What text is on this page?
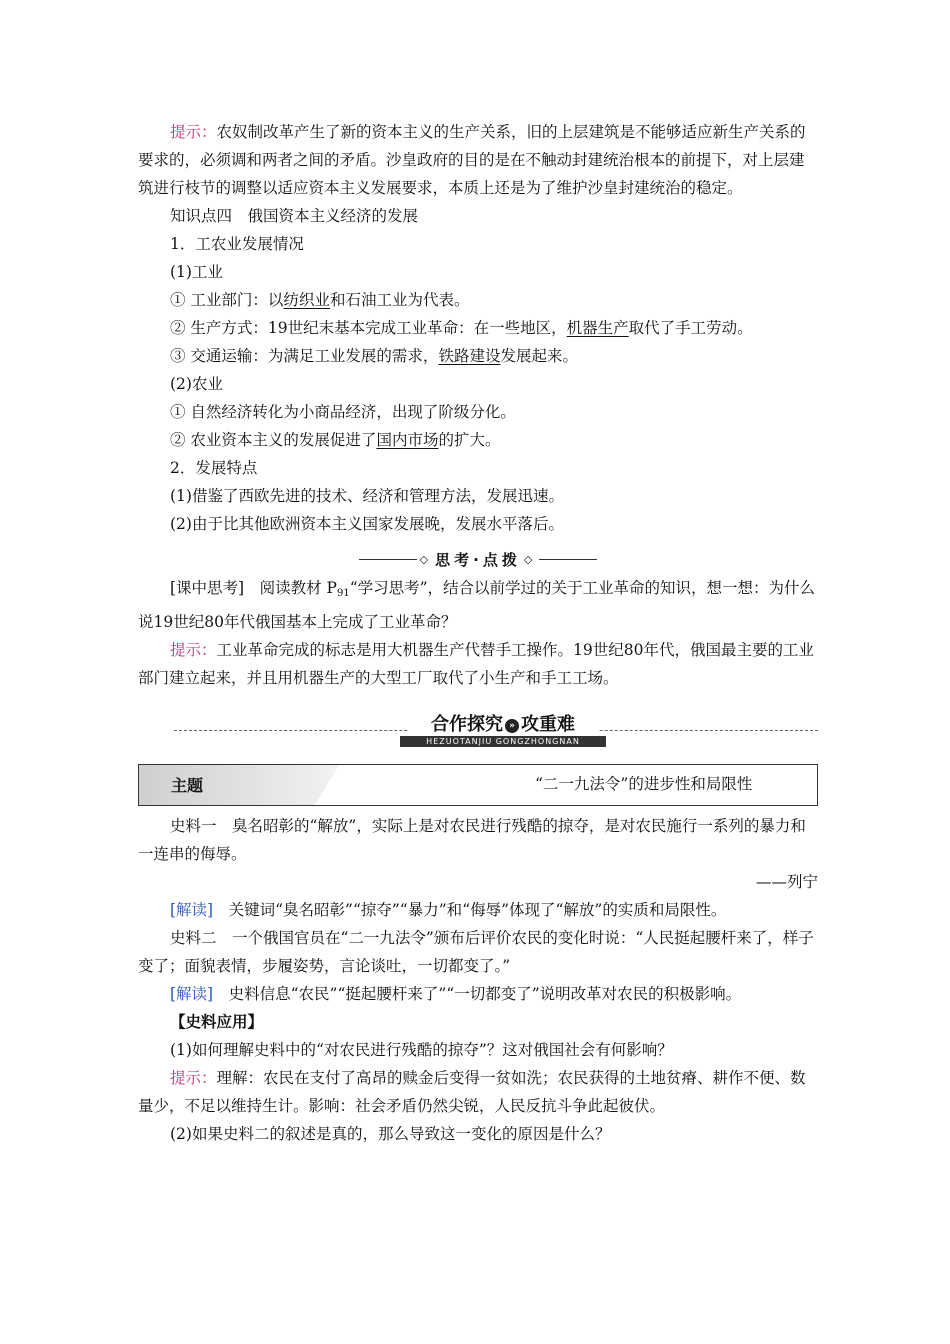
提示：农奴制改革产生了新的资本主义的生产关系，旧的上层建筑是不能够适应新生产关系的要求的，必须调和两者之间的矛盾。沙皇政府的目的是在不触动封建统治根本的前提下，对上层建筑进行枝节的调整以适应资本主义发展要求，本质上还是为了维护沙皇封建统治的稳定。

知识点四　俄国资本主义经济的发展

1．工农业发展情况

(1)工业

① 工业部门：以纺织业和石油工业为代表。

② 生产方式：19世纪末基本完成工业革命：在一些地区，机器生产取代了手工劳动。

③ 交通运输：为满足工业发展的需求，铁路建设发展起来。

(2)农业

① 自然经济转化为小商品经济，出现了阶级分化。

② 农业资本主义的发展促进了国内市场的扩大。

2．发展特点

(1)借鉴了西欧先进的技术、经济和管理方法，发展迅速。

(2)由于比其他欧洲资本主义国家发展晚，发展水平落后。

◇ 思考·点拨 ◇

[课中思考]　阅读教材 $P_{91}“$学习思考”，结合以前学过的关于工业革命的知识，想一想：为什么说19世纪80年代俄国基本上完成了工业革命？

提示：工业革命完成的标志是用大机器生产代替手工操作。19世纪80年代，俄国最主要的工业部门建立起来，并且用机器生产的大型工厂取代了小生产和手工工场。

合作探究 » 攻重难
HEZUOTANJIU GONGZHONGNAN
主题	“二一九法令”的进步性和局限性

史料一　臭名昭彰的“解放”，实际上是对农民进行残酷的掠夺，是对农民施行一系列的暴力和一连串的侮辱。

——列宁

[解读]　关键词“臭名昭彰”“掠夺”“暴力”和“侮辱”体现了“解放”的实质和局限性。

史料二　一个俄国官员在“二一九法令”颁布后评价农民的变化时说：“人民挺起腰杆来了，样子变了；面貌表情，步履姿势，言论谈吐，一切都变了。”

[解读]　史料信息“农民”“挺起腰杆来了”“一切都变了”说明改革对农民的积极影响。

【史料应用】

(1)如何理解史料中的“对农民进行残酷的掠夺”？这对俄国社会有何影响？

提示：理解：农民在支付了高昂的赎金后变得一贫如洗；农民获得的土地贫瘠、耕作不便、数量少，不足以维持生计。影响：社会矛盾仍然尖锐，人民反抗斗争此起彼伏。

(2)如果史料二的叙述是真的，那么导致这一变化的原因是什么？
